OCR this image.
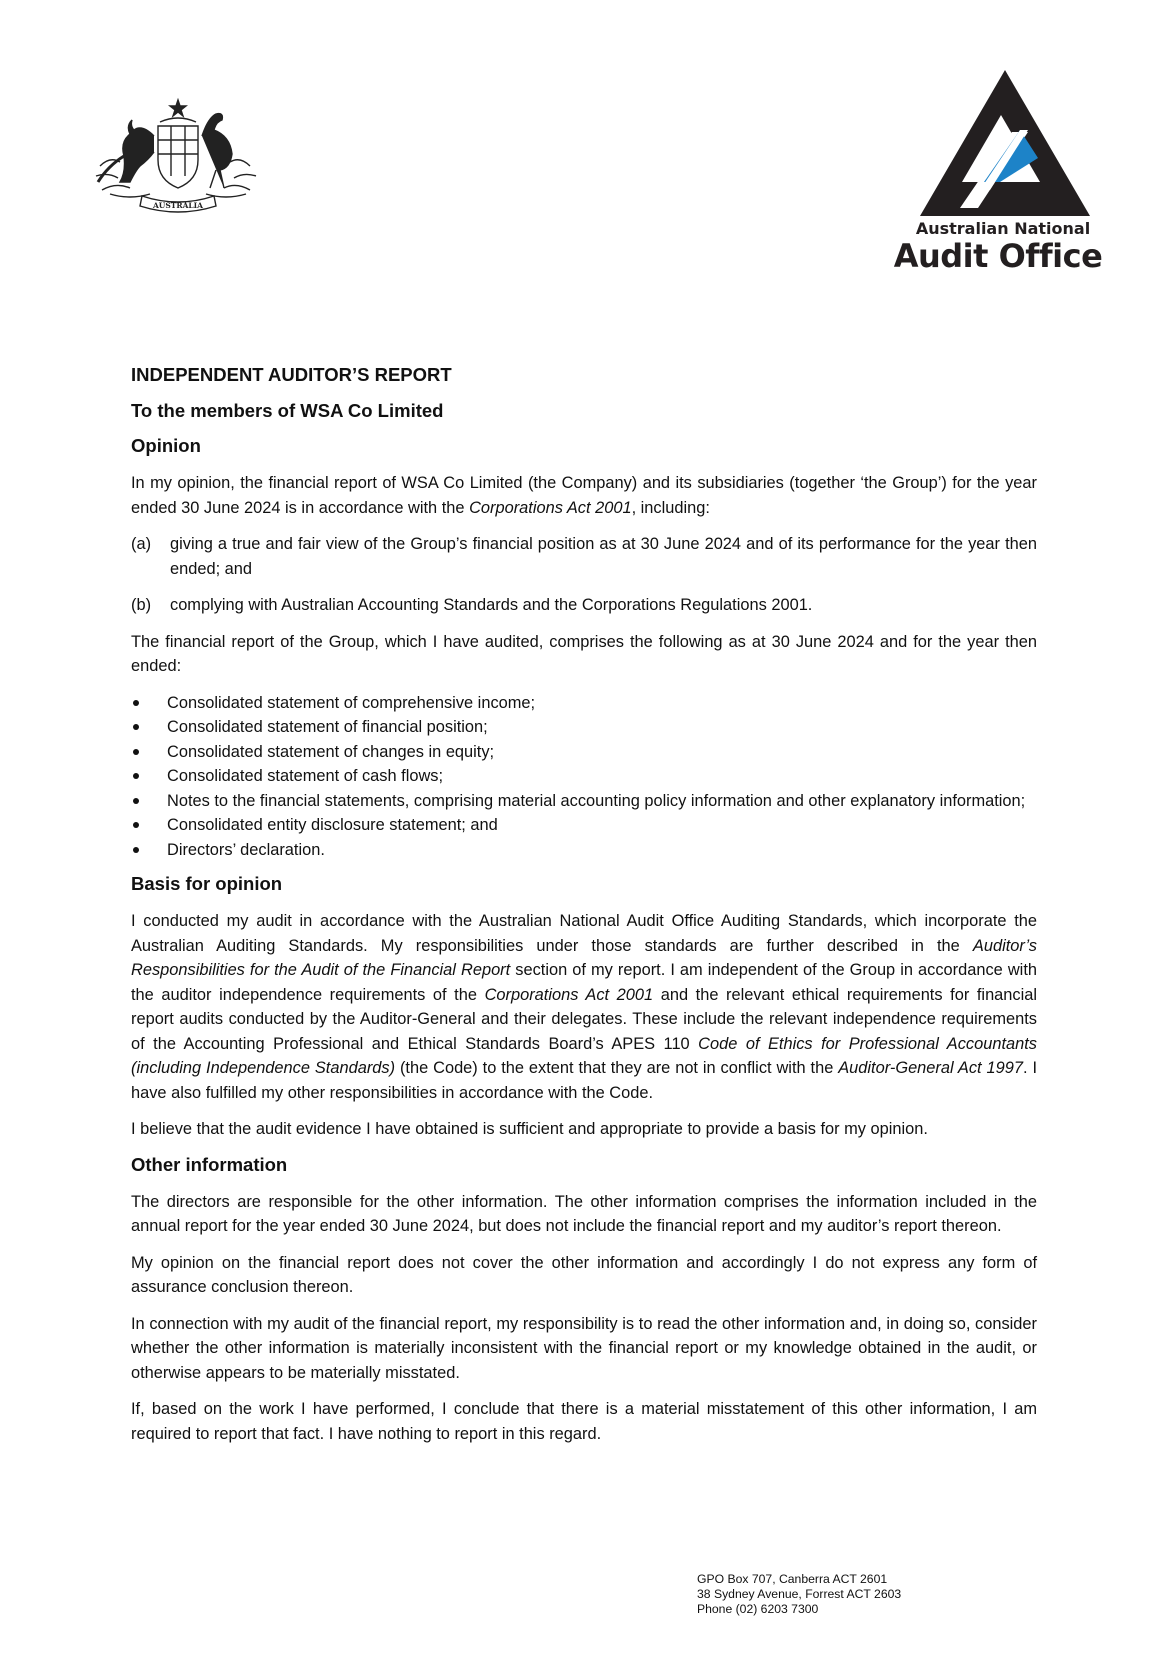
AUSTRALIA
Australian National
Audit Office
INDEPENDENT AUDITOR’S REPORT
To the members of WSA Co Limited
Opinion

In my opinion, the financial report of WSA Co Limited (the Company) and its subsidiaries (together ‘the Group’) for the year ended 30 June 2024 is in accordance with the Corporations Act 2001, including:

(a)	giving a true and fair view of the Group’s financial position as at 30 June 2024 and of its performance for the year then ended; and
(b)	complying with Australian Accounting Standards and the Corporations Regulations 2001.

The financial report of the Group, which I have audited, comprises the following as at 30 June 2024 and for the year then ended:

Consolidated statement of comprehensive income;
Consolidated statement of financial position;
Consolidated statement of changes in equity;
Consolidated statement of cash flows;
Notes to the financial statements, comprising material accounting policy information and other explanatory information;
Consolidated entity disclosure statement; and
Directors’ declaration.
Basis for opinion

I conducted my audit in accordance with the Australian National Audit Office Auditing Standards, which incorporate the Australian Auditing Standards. My responsibilities under those standards are further described in the Auditor’s Responsibilities for the Audit of the Financial Report section of my report. I am independent of the Group in accordance with the auditor independence requirements of the Corporations Act 2001 and the relevant ethical requirements for financial report audits conducted by the Auditor-General and their delegates. These include the relevant independence requirements of the Accounting Professional and Ethical Standards Board’s APES 110 Code of Ethics for Professional Accountants (including Independence Standards) (the Code) to the extent that they are not in conflict with the Auditor-General Act 1997. I have also fulfilled my other responsibilities in accordance with the Code.

I believe that the audit evidence I have obtained is sufficient and appropriate to provide a basis for my opinion.

Other information

The directors are responsible for the other information. The other information comprises the information included in the annual report for the year ended 30 June 2024, but does not include the financial report and my auditor’s report thereon.

My opinion on the financial report does not cover the other information and accordingly I do not express any form of assurance conclusion thereon.

In connection with my audit of the financial report, my responsibility is to read the other information and, in doing so, consider whether the other information is materially inconsistent with the financial report or my knowledge obtained in the audit, or otherwise appears to be materially misstated.

If, based on the work I have performed, I conclude that there is a material misstatement of this other information, I am required to report that fact. I have nothing to report in this regard.

GPO Box 707, Canberra ACT 2601
38 Sydney Avenue, Forrest ACT 2603
Phone (02) 6203 7300
